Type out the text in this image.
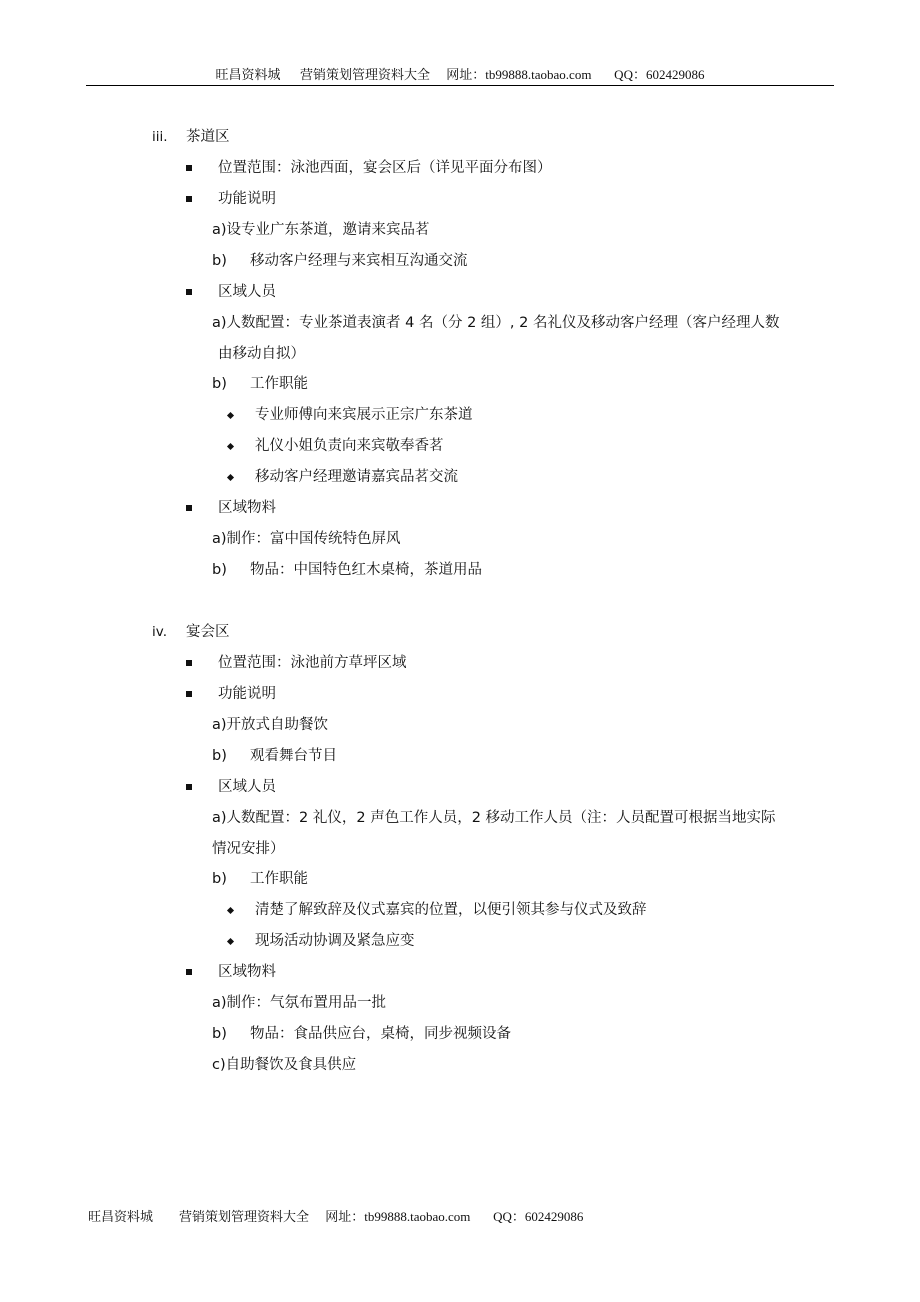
旺昌资料城      营销策划管理资料大全     网址：tb99888.taobao.com       QQ：602429086
iii. 茶道区
位置范围：泳池西面，宴会区后（详见平面分布图）
功能说明
a)设专业广东茶道，邀请来宾品茗
b) 移动客户经理与来宾相互沟通交流
区域人员
a)人数配置：专业茶道表演者 4 名（分 2 组）, 2 名礼仪及移动客户经理（客户经理人数
由移动自拟）
b) 工作职能
专业师傅向来宾展示正宗广东茶道
礼仪小姐负责向来宾敬奉香茗
移动客户经理邀请嘉宾品茗交流
区域物料
a)制作：富中国传统特色屏风
b) 物品：中国特色红木桌椅，茶道用品
iv. 宴会区
位置范围：泳池前方草坪区域
功能说明
a)开放式自助餐饮
b) 观看舞台节目
区域人员
a)人数配置：2 礼仪，2 声色工作人员，2 移动工作人员（注：人员配置可根据当地实际
情况安排）
b) 工作职能
清楚了解致辞及仪式嘉宾的位置，以便引领其参与仪式及致辞
现场活动协调及紧急应变
区域物料
a)制作：气氛布置用品一批
b) 物品：食品供应台，桌椅，同步视频设备
c)自助餐饮及食具供应
旺昌资料城        营销策划管理资料大全     网址：tb99888.taobao.com       QQ：602429086
